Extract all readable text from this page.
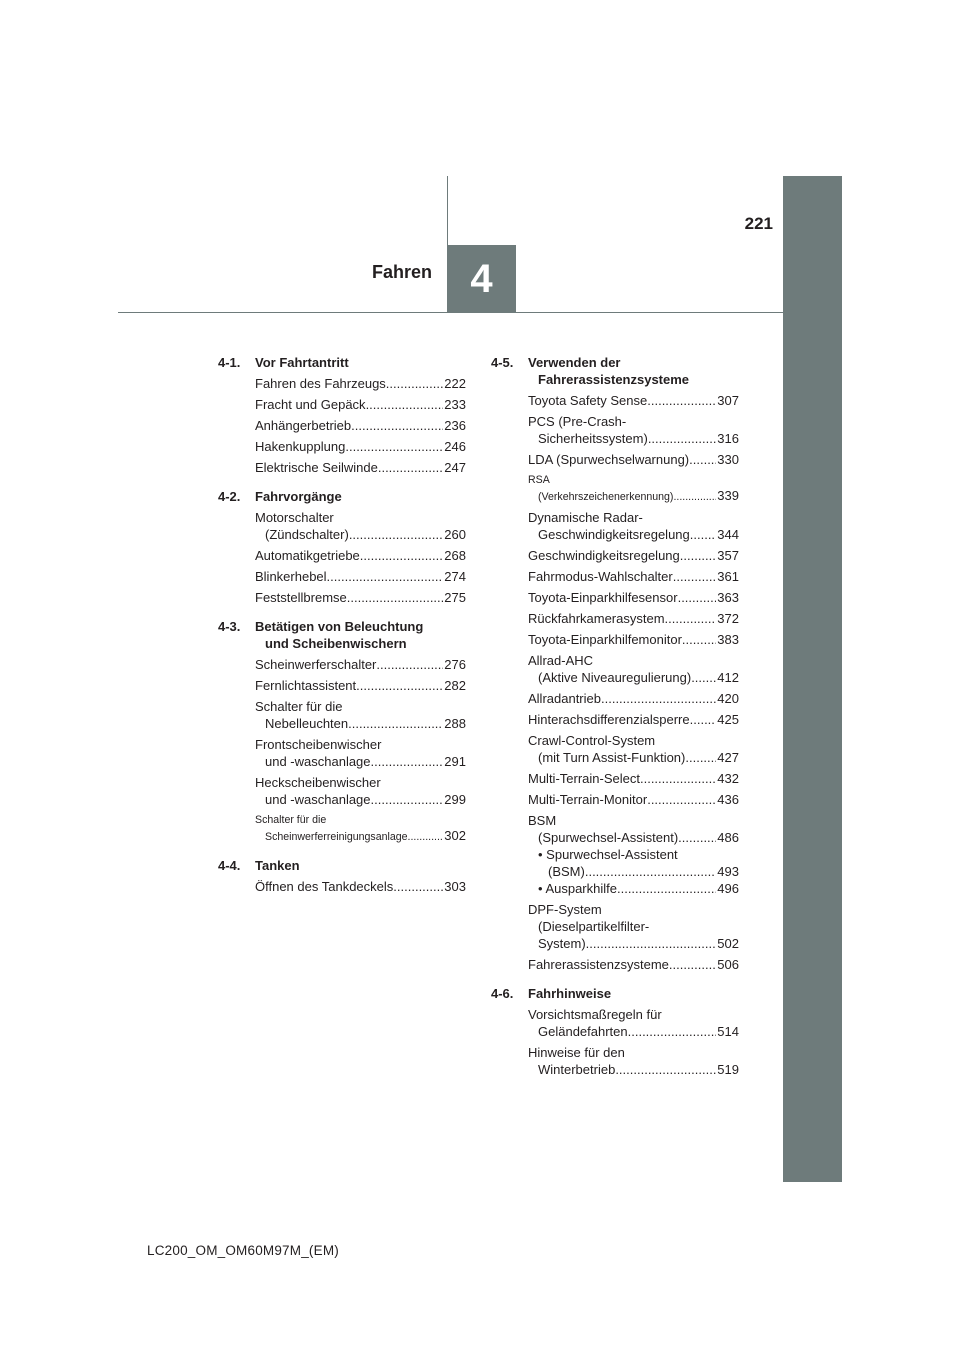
4
221
Fahren
4-1.	Vor Fahrtantritt
Fahren des Fahrzeugs .....	222
Fracht und Gepäck .....	233
Anhängerbetrieb .....	236
Hakenkupplung .....	246
Elektrische Seilwinde .....	247
4-2.	Fahrvorgänge
Motorschalter
(Zündschalter) .....	260
Automatikgetriebe .....	268
Blinkerhebel .....	274
Feststellbremse .....	275
4-3.	Betätigen von Beleuchtung
und Scheibenwischern
Scheinwerferschalter .....	276
Fernlichtassistent .....	282
Schalter für die
Nebelleuchten .....	288
Frontscheibenwischer
und -waschanlage .....	291
Heckscheibenwischer
und -waschanlage .....	299
Schalter für die
Scheinwerferreinigungsanlage .....	302
4-4.	Tanken
Öffnen des Tankdeckels .....	303
4-5.	Verwenden der
Fahrerassistenzsysteme
Toyota Safety Sense .....	307
PCS (Pre-Crash-
Sicherheitssystem) .....	316
LDA (Spurwechselwarnung) ..... 330
RSA
(Verkehrszeichenerkennung) .....	339
Dynamische Radar-
Geschwindigkeitsregelung ..... 344
Geschwindigkeitsregelung .....	357
Fahrmodus-Wahlschalter .....	361
Toyota-Einparkhilfesensor .....	363
Rückfahrkamerasystem .....	372
Toyota-Einparkhilfemonitor .....	383
Allrad-AHC
(Aktive Niveauregulierung) ..... 412
Allradantrieb .....	420
Hinterachsdifferenzialsperre ..... 425
Crawl-Control-System
(mit Turn Assist-Funktion) ..... 427
Multi-Terrain-Select .....	432
Multi-Terrain-Monitor .....	436
BSM
(Spurwechsel-Assistent) .....	486
• Spurwechsel-Assistent
(BSM) .....	493
• Ausparkhilfe .....	496
DPF-System
(Dieselpartikelfilter-
System) .....	502
Fahrerassistenzsysteme .....	506
4-6.	Fahrhinweise
Vorsichtsmaßregeln für
Geländefahrten .....	514
Hinweise für den
Winterbetrieb .....	519
LC200_OM_OM60M97M_(EM)
